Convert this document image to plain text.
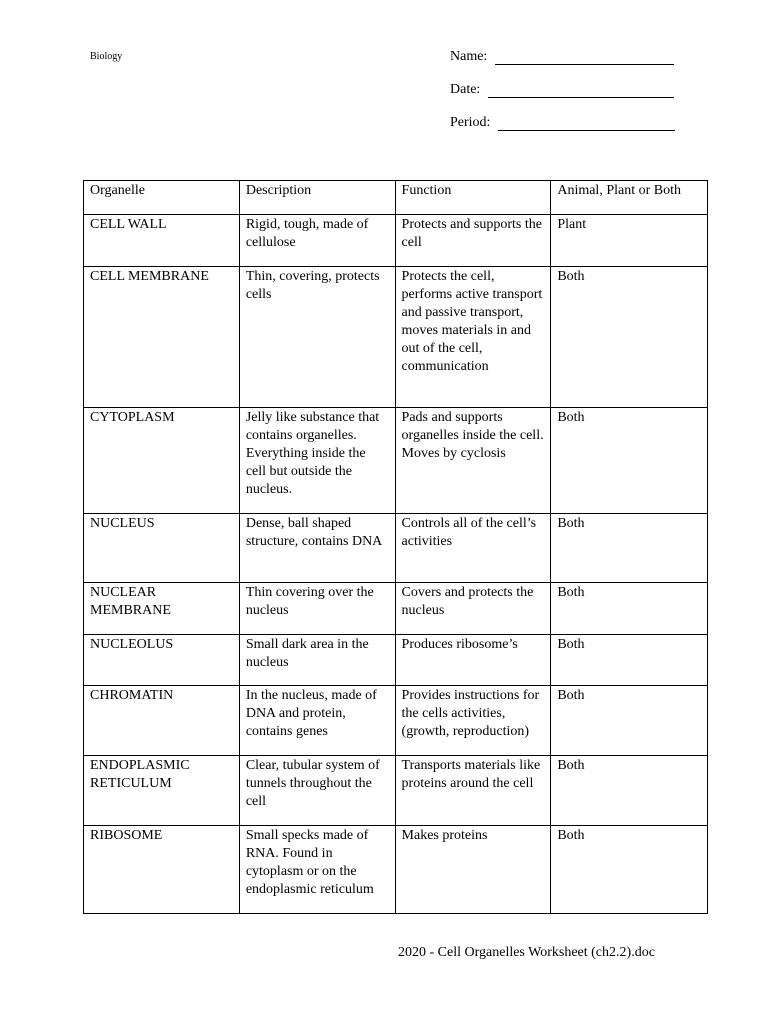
Biology	Name:
Date:
Period:
Organelle	Description	Function	Animal, Plant or Both
CELL WALL	Rigid, tough, made of cellulose	Protects and supports the cell	Plant
CELL MEMBRANE	Thin, covering, protects cells	Protects the cell, performs active transport and passive transport, moves materials in and out of the cell, communication	Both
CYTOPLASM	Jelly like substance that contains organelles. Everything inside the cell but outside the nucleus.	Pads and supports organelles inside the cell. Moves by cyclosis	Both
NUCLEUS	Dense, ball shaped structure, contains DNA	Controls all of the cell’s activities	Both
NUCLEAR MEMBRANE	Thin covering over the nucleus	Covers and protects the nucleus	Both
NUCLEOLUS	Small dark area in the nucleus	Produces ribosome’s	Both
CHROMATIN	In the nucleus, made of DNA and protein, contains genes	Provides instructions for the cells activities, (growth, reproduction)	Both
ENDOPLASMIC RETICULUM	Clear, tubular system of tunnels throughout the cell	Transports materials like proteins around the cell	Both
RIBOSOME	Small specks made of RNA. Found in cytoplasm or on the endoplasmic reticulum	Makes proteins	Both
2020 - Cell Organelles Worksheet (ch2.2).doc
